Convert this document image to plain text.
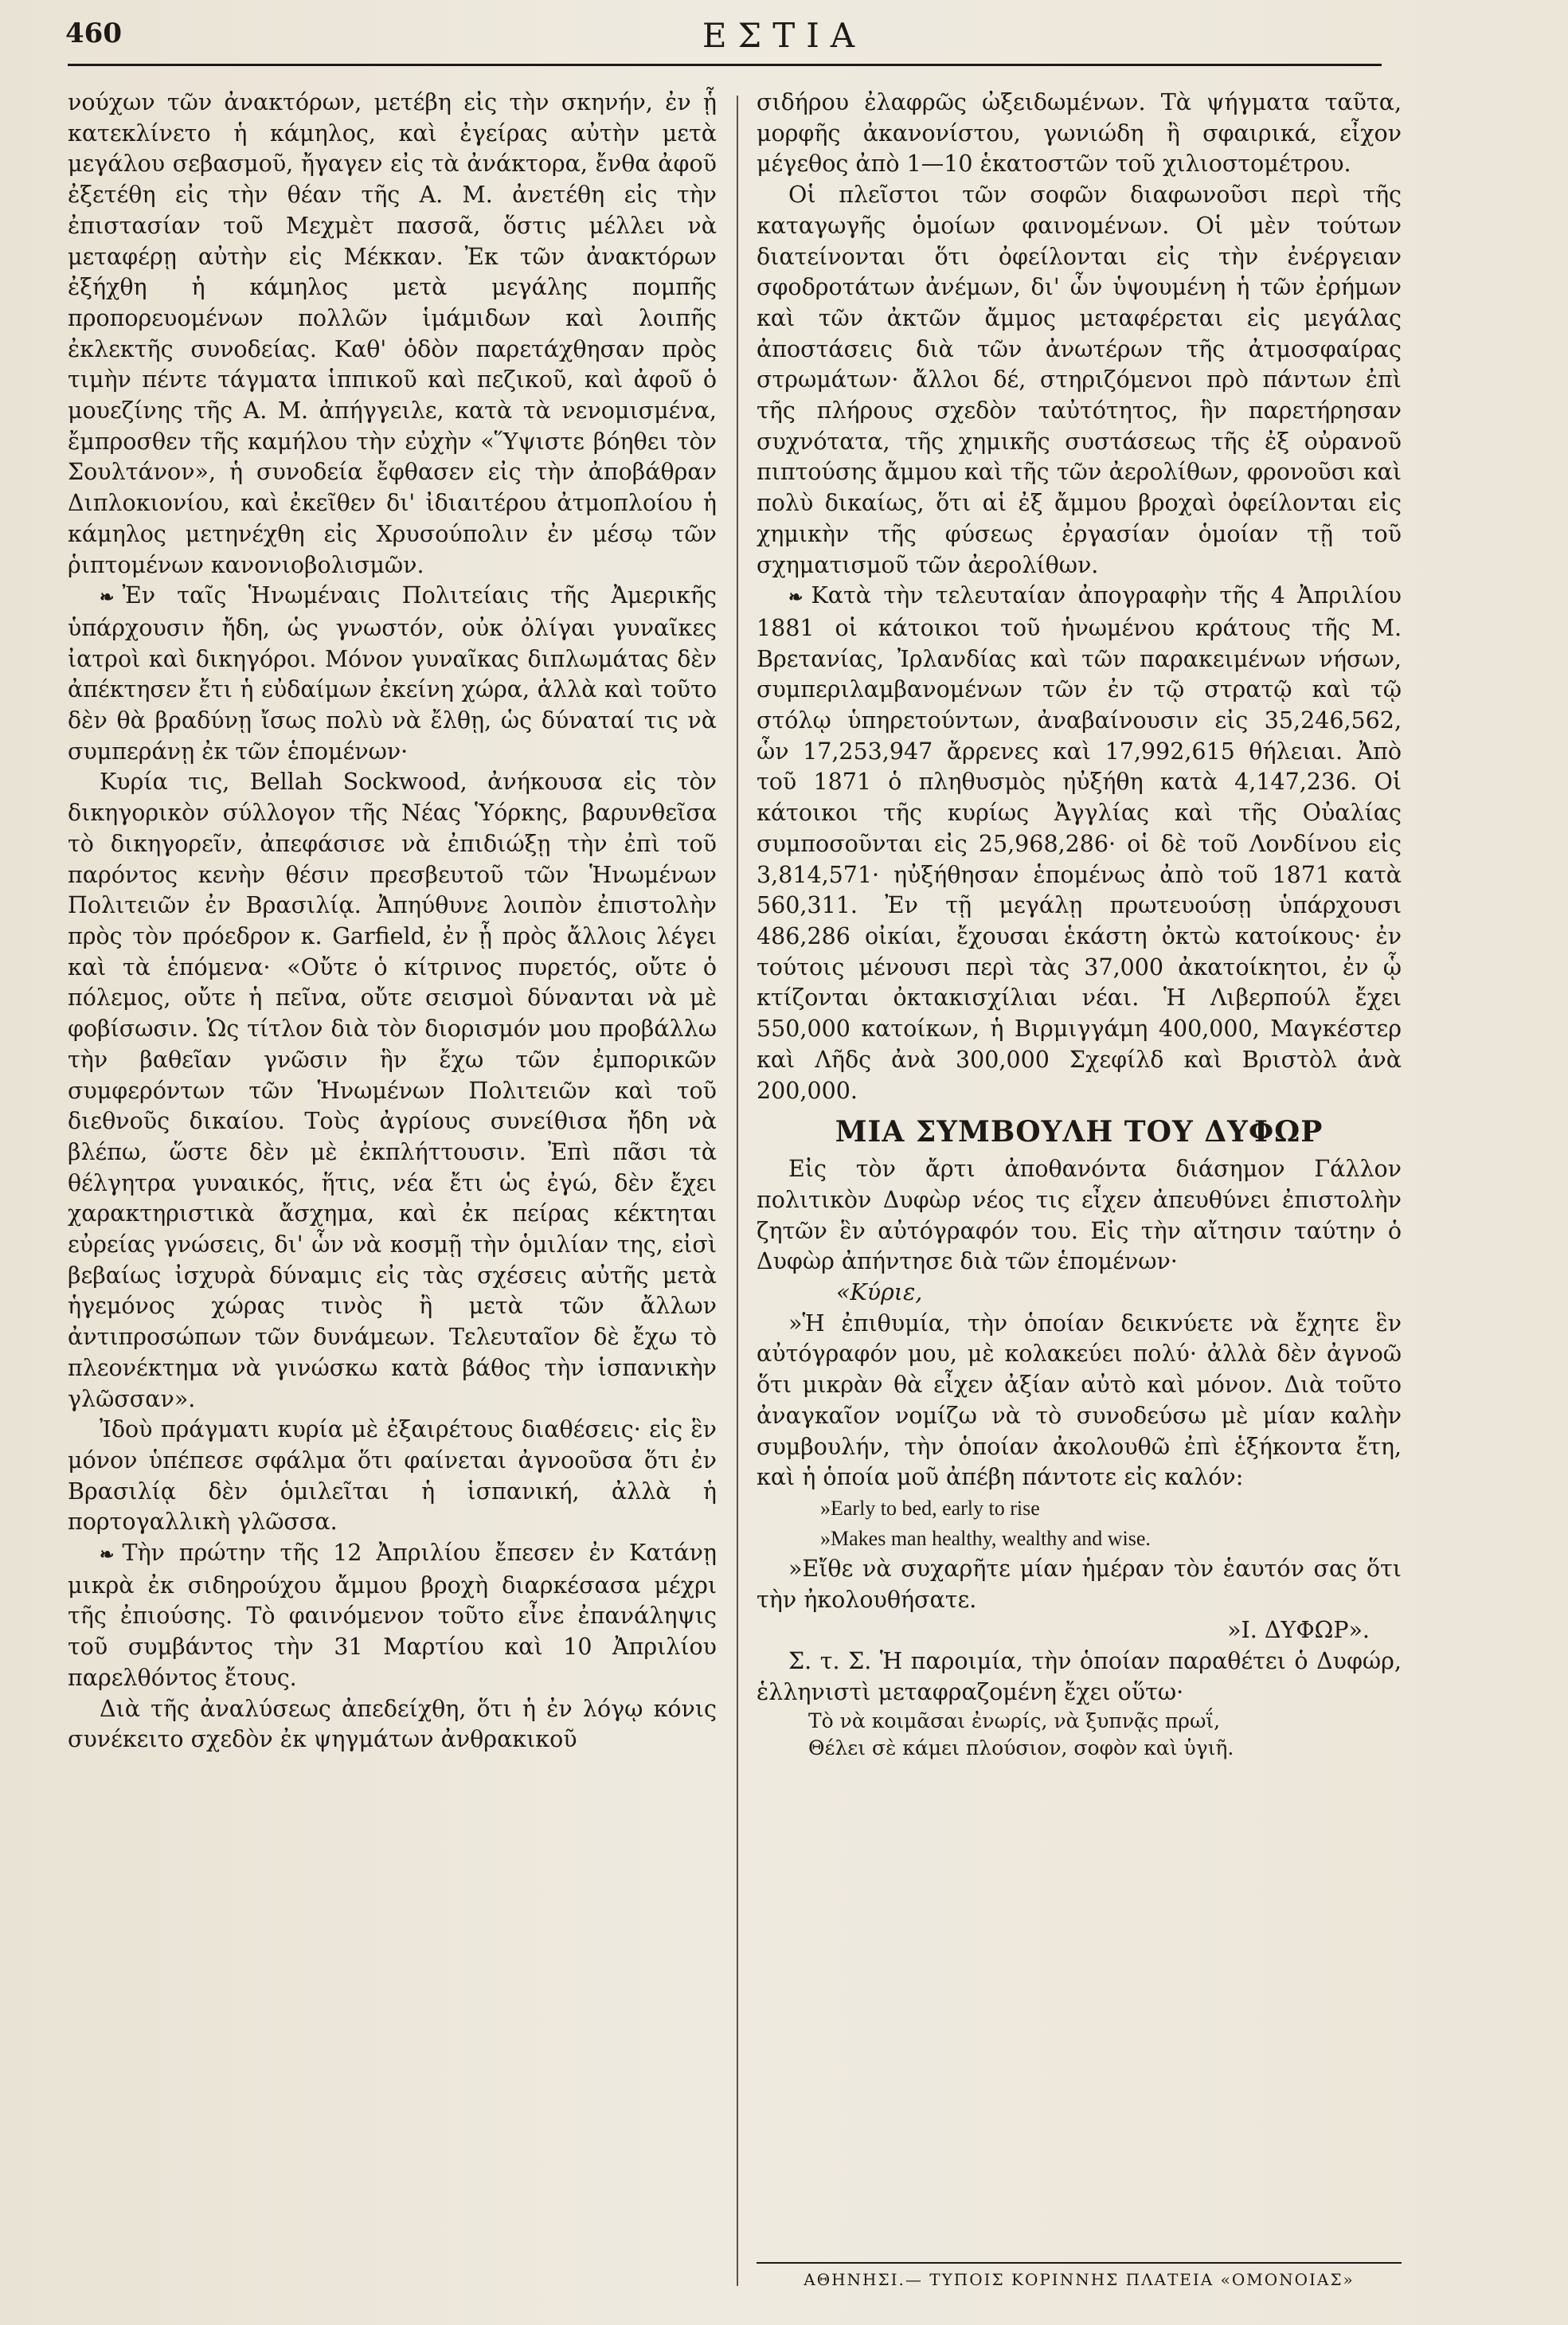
460	ΕΣΤΙΑ

νούχων τῶν ἀνακτόρων, μετέβη εἰς τὴν σκηνήν, ἐν ᾗ κατεκλίνετο ἡ κάμηλος, καὶ ἐγείρας αὐτὴν μετὰ μεγάλου σεβασμοῦ, ἤγαγεν εἰς τὰ ἀνάκτορα, ἔνθα ἀφοῦ ἐξετέθη εἰς τὴν θέαν τῆς Α. Μ. ἀνετέθη εἰς τὴν ἐπιστασίαν τοῦ Μεχμὲτ πασσᾶ, ὅστις μέλλει νὰ μεταφέρῃ αὐτὴν εἰς Μέκκαν. Ἐκ τῶν ἀνακτόρων ἐξήχθη ἡ κάμηλος μετὰ μεγάλης πομπῆς προπορευομένων πολλῶν ἱμάμιδων καὶ λοιπῆς ἐκλεκτῆς συνοδείας. Καθ' ὁδὸν παρετάχθησαν πρὸς τιμὴν πέντε τάγματα ἱππικοῦ καὶ πεζικοῦ, καὶ ἀφοῦ ὁ μουεζίνης τῆς Α. Μ. ἀπήγγειλε, κατὰ τὰ νενομισμένα, ἔμπροσθεν τῆς καμήλου τὴν εὐχὴν «Ὕψιστε βόηθει τὸν Σουλτάνον», ἡ συνοδεία ἔφθασεν εἰς τὴν ἀποβάθραν Διπλοκιονίου, καὶ ἐκεῖθεν δι' ἰδιαιτέρου ἀτμοπλοίου ἡ κάμηλος μετηνέχθη εἰς Χρυσούπολιν ἐν μέσῳ τῶν ῥιπτομένων κανονιοβολισμῶν.

❧ Ἐν ταῖς Ἡνωμέναις Πολιτείαις τῆς Ἀμερικῆς ὑπάρχουσιν ἤδη, ὡς γνωστόν, οὐκ ὀλίγαι γυναῖκες ἰατροὶ καὶ δικηγόροι. Μόνον γυναῖκας διπλωμάτας δὲν ἀπέκτησεν ἔτι ἡ εὐδαίμων ἐκείνη χώρα, ἀλλὰ καὶ τοῦτο δὲν θὰ βραδύνῃ ἴσως πολὺ νὰ ἔλθῃ, ὡς δύναταί τις νὰ συμπεράνῃ ἐκ τῶν ἑπομένων·

Κυρία τις, Bellah Sockwood, ἀνήκουσα εἰς τὸν δικηγορικὸν σύλλογον τῆς Νέας Ὑόρκης, βαρυνθεῖσα τὸ δικηγορεῖν, ἀπεφάσισε νὰ ἐπιδιώξῃ τὴν ἐπὶ τοῦ παρόντος κενὴν θέσιν πρεσβευτοῦ τῶν Ἡνωμένων Πολιτειῶν ἐν Βρασιλίᾳ. Ἀπηύθυνε λοιπὸν ἐπιστολὴν πρὸς τὸν πρόεδρον κ. Garfield, ἐν ᾗ πρὸς ἄλλοις λέγει καὶ τὰ ἑπόμενα· «Οὔτε ὁ κίτρινος πυρετός, οὔτε ὁ πόλεμος, οὔτε ἡ πεῖνα, οὔτε σεισμοὶ δύνανται νὰ μὲ φοβίσωσιν. Ὡς τίτλον διὰ τὸν διορισμόν μου προβάλλω τὴν βαθεῖαν γνῶσιν ἣν ἔχω τῶν ἐμπορικῶν συμφερόντων τῶν Ἡνωμένων Πολιτειῶν καὶ τοῦ διεθνοῦς δικαίου. Τοὺς ἀγρίους συνείθισα ἤδη νὰ βλέπω, ὥστε δὲν μὲ ἐκπλήττουσιν. Ἐπὶ πᾶσι τὰ θέλγητρα γυναικός, ἥτις, νέα ἔτι ὡς ἐγώ, δὲν ἔχει χαρακτηριστικὰ ἄσχημα, καὶ ἐκ πείρας κέκτηται εὐρείας γνώσεις, δι' ὧν νὰ κοσμῇ τὴν ὁμιλίαν της, εἰσὶ βεβαίως ἰσχυρὰ δύναμις εἰς τὰς σχέσεις αὐτῆς μετὰ ἡγεμόνος χώρας τινὸς ἢ μετὰ τῶν ἄλλων ἀντιπροσώπων τῶν δυνάμεων. Τελευταῖον δὲ ἔχω τὸ πλεονέκτημα νὰ γινώσκω κατὰ βάθος τὴν ἱσπανικὴν γλῶσσαν».

Ἰδοὺ πράγματι κυρία μὲ ἐξαιρέτους διαθέσεις· εἰς ἓν μόνον ὑπέπεσε σφάλμα ὅτι φαίνεται ἀγνοοῦσα ὅτι ἐν Βρασιλίᾳ δὲν ὁμιλεῖται ἡ ἱσπανική, ἀλλὰ ἡ πορτογαλλικὴ γλῶσσα.

❧ Τὴν πρώτην τῆς 12 Ἀπριλίου ἔπεσεν ἐν Κατάνῃ μικρὰ ἐκ σιδηρούχου ἄμμου βροχὴ διαρκέσασα μέχρι τῆς ἐπιούσης. Τὸ φαινόμενον τοῦτο εἶνε ἐπανάληψις τοῦ συμβάντος τὴν 31 Μαρτίου καὶ 10 Ἀπριλίου παρελθόντος ἔτους.

Διὰ τῆς ἀναλύσεως ἀπεδείχθη, ὅτι ἡ ἐν λόγῳ κόνις συνέκειτο σχεδὸν ἐκ ψηγμάτων ἀνθρακικοῦ

σιδήρου ἐλαφρῶς ὠξειδωμένων. Τὰ ψήγματα ταῦτα, μορφῆς ἀκανονίστου, γωνιώδη ἢ σφαιρικά, εἶχον μέγεθος ἀπὸ 1—10 ἑκατοστῶν τοῦ χιλιοστομέτρου.

Οἱ πλεῖστοι τῶν σοφῶν διαφωνοῦσι περὶ τῆς καταγωγῆς ὁμοίων φαινομένων. Οἱ μὲν τούτων διατείνονται ὅτι ὀφείλονται εἰς τὴν ἐνέργειαν σφοδροτάτων ἀνέμων, δι' ὧν ὑψουμένη ἡ τῶν ἐρήμων καὶ τῶν ἀκτῶν ἄμμος μεταφέρεται εἰς μεγάλας ἀποστάσεις διὰ τῶν ἀνωτέρων τῆς ἀτμοσφαίρας στρωμάτων· ἄλλοι δέ, στηριζόμενοι πρὸ πάντων ἐπὶ τῆς πλήρους σχεδὸν ταὐτότητος, ἣν παρετήρησαν συχνότατα, τῆς χημικῆς συστάσεως τῆς ἐξ οὐρανοῦ πιπτούσης ἄμμου καὶ τῆς τῶν ἀερολίθων, φρονοῦσι καὶ πολὺ δικαίως, ὅτι αἱ ἐξ ἄμμου βροχαὶ ὀφείλονται εἰς χημικὴν τῆς φύσεως ἐργασίαν ὁμοίαν τῇ τοῦ σχηματισμοῦ τῶν ἀερολίθων.

❧ Κατὰ τὴν τελευταίαν ἀπογραφὴν τῆς 4 Ἀπριλίου 1881 οἱ κάτοικοι τοῦ ἡνωμένου κράτους τῆς Μ. Βρετανίας, Ἰρλανδίας καὶ τῶν παρακειμένων νήσων, συμπεριλαμβανομένων τῶν ἐν τῷ στρατῷ καὶ τῷ στόλῳ ὑπηρετούντων, ἀναβαίνουσιν εἰς 35,246,562, ὧν 17,253,947 ἄρρενες καὶ 17,992,615 θήλειαι. Ἀπὸ τοῦ 1871 ὁ πληθυσμὸς ηὐξήθη κατὰ 4,147,236. Οἱ κάτοικοι τῆς κυρίως Ἀγγλίας καὶ τῆς Οὐαλίας συμποσοῦνται εἰς 25,968,286· οἱ δὲ τοῦ Λονδίνου εἰς 3,814,571· ηὐξήθησαν ἑπομένως ἀπὸ τοῦ 1871 κατὰ 560,311. Ἐν τῇ μεγάλῃ πρωτευούσῃ ὑπάρχουσι 486,286 οἰκίαι, ἔχουσαι ἑκάστη ὀκτὼ κατοίκους· ἐν τούτοις μένουσι περὶ τὰς 37,000 ἀκατοίκητοι, ἐν ᾧ κτίζονται ὀκτακισχίλιαι νέαι. Ἡ Λιβερπούλ ἔχει 550,000 κατοίκων, ἡ Βιρμιγγάμη 400,000, Μαγκέστερ καὶ Λῆδς ἀνὰ 300,000 Σχεφίλδ καὶ Βριστὸλ ἀνὰ 200,000.

ΜΙΑ ΣΥΜΒΟΥΛΗ ΤΟΥ ΔΥΦΩΡ

Εἰς τὸν ἄρτι ἀποθανόντα διάσημον Γάλλον πολιτικὸν Δυφὼρ νέος τις εἶχεν ἀπευθύνει ἐπιστολὴν ζητῶν ἓν αὐτόγραφόν του. Εἰς τὴν αἴτησιν ταύτην ὁ Δυφὼρ ἀπήντησε διὰ τῶν ἑπομένων·

«Κύριε,

»Ἡ ἐπιθυμία, τὴν ὁποίαν δεικνύετε νὰ ἔχητε ἓν αὐτόγραφόν μου, μὲ κολακεύει πολύ· ἀλλὰ δὲν ἀγνοῶ ὅτι μικρὰν θὰ εἶχεν ἀξίαν αὐτὸ καὶ μόνον. Διὰ τοῦτο ἀναγκαῖον νομίζω νὰ τὸ συνοδεύσω μὲ μίαν καλὴν συμβουλήν, τὴν ὁποίαν ἀκολουθῶ ἐπὶ ἑξήκοντα ἔτη, καὶ ἡ ὁποία μοῦ ἀπέβη πάντοτε εἰς καλόν:

»Early to bed, early to rise

»Makes man healthy, wealthy and wise.

»Εἴθε νὰ συχαρῆτε μίαν ἡμέραν τὸν ἑαυτόν σας ὅτι τὴν ἠκολουθήσατε.

»Ι. ΔΥΦΩΡ».

Σ. τ. Σ. Ἡ παροιμία, τὴν ὁποίαν παραθέτει ὁ Δυφώρ, ἑλληνιστὶ μεταφραζομένη ἔχει οὕτω·

Τὸ νὰ κοιμᾶσαι ἐνωρίς, νὰ ξυπνᾷς πρωΐ,

Θέλει σὲ κάμει πλούσιον, σοφὸν καὶ ὑγιῆ.

ΑΘΗΝΗΣΙ.— ΤΥΠΟΙΣ ΚΟΡΙΝΝΗΣ ΠΛΑΤΕΙΑ «ΟΜΟΝΟΙΑΣ»
